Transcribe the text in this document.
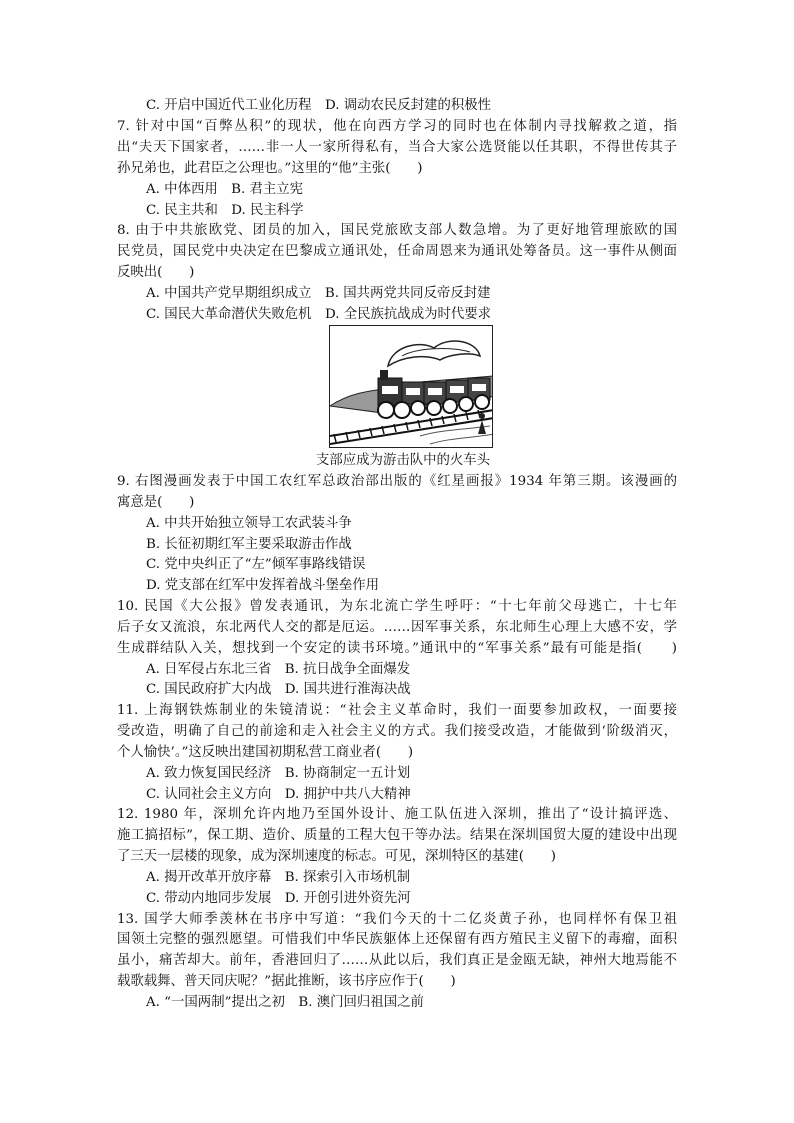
C. 开启中国近代工业化历程　D. 调动农民反封建的积极性
7. 针对中国“百弊丛积”的现状，他在向西方学习的同时也在体制内寻找解救之道，指
出“夫天下国家者，……非一人一家所得私有，当合大家公选贤能以任其职，不得世传其子
孙兄弟也，此君臣之公理也。”这里的“他”主张(　　)
A. 中体西用　B. 君主立宪
C. 民主共和　D. 民主科学
8. 由于中共旅欧党、团员的加入，国民党旅欧支部人数急增。为了更好地管理旅欧的国
民党员，国民党中央决定在巴黎成立通讯处，任命周恩来为通讯处筹备员。这一事件从侧面
反映出(　　)
A. 中国共产党早期组织成立　B. 国共两党共同反帝反封建
C. 国民大革命潜伏失败危机　D. 全民族抗战成为时代要求
支部应成为游击队中的火车头
9. 右图漫画发表于中国工农红军总政治部出版的《红星画报》1934 年第三期。该漫画的
寓意是(　　)
A. 中共开始独立领导工农武装斗争
B. 长征初期红军主要采取游击作战
C. 党中央纠正了“左”倾军事路线错误
D. 党支部在红军中发挥着战斗堡垒作用
10. 民国《大公报》曾发表通讯，为东北流亡学生呼吁：“十七年前父母逃亡，十七年
后子女又流浪，东北两代人交的都是厄运。……因军事关系，东北师生心理上大感不安，学
生成群结队入关，想找到一个安定的读书环境。”通讯中的“军事关系”最有可能是指(　　)
A. 日军侵占东北三省　B. 抗日战争全面爆发
C. 国民政府扩大内战　D. 国共进行淮海决战
11. 上海钢铁炼制业的朱镜清说：“社会主义革命时，我们一面要参加政权，一面要接
受改造，明确了自己的前途和走入社会主义的方式。我们接受改造，才能做到‘阶级消灭，
个人愉快’。”这反映出建国初期私营工商业者(　　)
A. 致力恢复国民经济　B. 协商制定一五计划
C. 认同社会主义方向　D. 拥护中共八大精神
12. 1980 年，深圳允许内地乃至国外设计、施工队伍进入深圳，推出了“设计搞评选、
施工搞招标”，保工期、造价、质量的工程大包干等办法。结果在深圳国贸大厦的建设中出现
了三天一层楼的现象，成为深圳速度的标志。可见，深圳特区的基建(　　)
A. 揭开改革开放序幕　B. 探索引入市场机制
C. 带动内地同步发展　D. 开创引进外资先河
13. 国学大师季羡林在书序中写道：“我们今天的十二亿炎黄子孙，也同样怀有保卫祖
国领土完整的强烈愿望。可惜我们中华民族躯体上还保留有西方殖民主义留下的毒瘤，面积
虽小，痛苦却大。前年，香港回归了……从此以后，我们真正是金瓯无缺，神州大地焉能不
载歌载舞、普天同庆呢？”据此推断，该书序应作于(　　)
A. “一国两制”提出之初　B. 澳门回归祖国之前
